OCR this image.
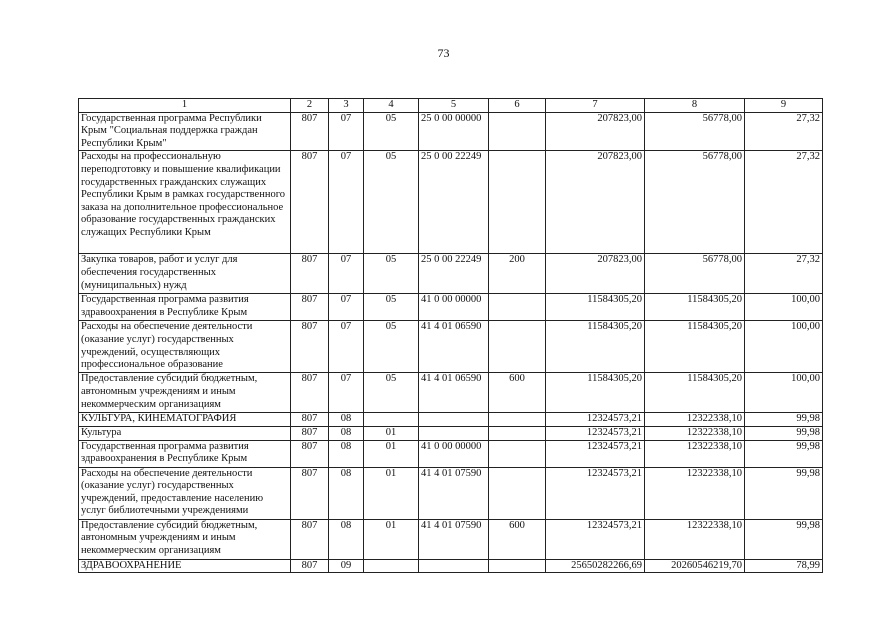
73
1	2	3	4	5	6	7	8	9
Государственная программа Республики Крым "Социальная поддержка граждан Республики Крым"	807	07	05	25 0 00 00000		207823,00	56778,00	27,32
Расходы на профессиональную переподготовку и повышение квалификации государственных гражданских служащих Республики Крым в рамках государственного заказа на дополнительное профессиональное образование государственных гражданских служащих Республики Крым	807	07	05	25 0 00 22249		207823,00	56778,00	27,32
Закупка товаров, работ и услуг для обеспечения государственных (муниципальных) нужд	807	07	05	25 0 00 22249	200	207823,00	56778,00	27,32
Государственная программа развития здравоохранения в Республике Крым	807	07	05	41 0 00 00000		11584305,20	11584305,20	100,00
Расходы на обеспечение деятельности (оказание услуг) государственных учреждений, осуществляющих профессиональное образование	807	07	05	41 4 01 06590		11584305,20	11584305,20	100,00
Предоставление субсидий бюджетным, автономным учреждениям и иным некоммерческим организациям	807	07	05	41 4 01 06590	600	11584305,20	11584305,20	100,00
КУЛЬТУРА, КИНЕМАТОГРАФИЯ	807	08				12324573,21	12322338,10	99,98
Культура	807	08	01			12324573,21	12322338,10	99,98
Государственная программа развития здравоохранения в Республике Крым	807	08	01	41 0 00 00000		12324573,21	12322338,10	99,98
Расходы на обеспечение деятельности (оказание услуг) государственных учреждений, предоставление населению услуг библиотечными учреждениями	807	08	01	41 4 01 07590		12324573,21	12322338,10	99,98
Предоставление субсидий бюджетным, автономным учреждениям и иным некоммерческим организациям	807	08	01	41 4 01 07590	600	12324573,21	12322338,10	99,98
ЗДРАВООХРАНЕНИЕ	807	09				25650282266,69	20260546219,70	78,99
